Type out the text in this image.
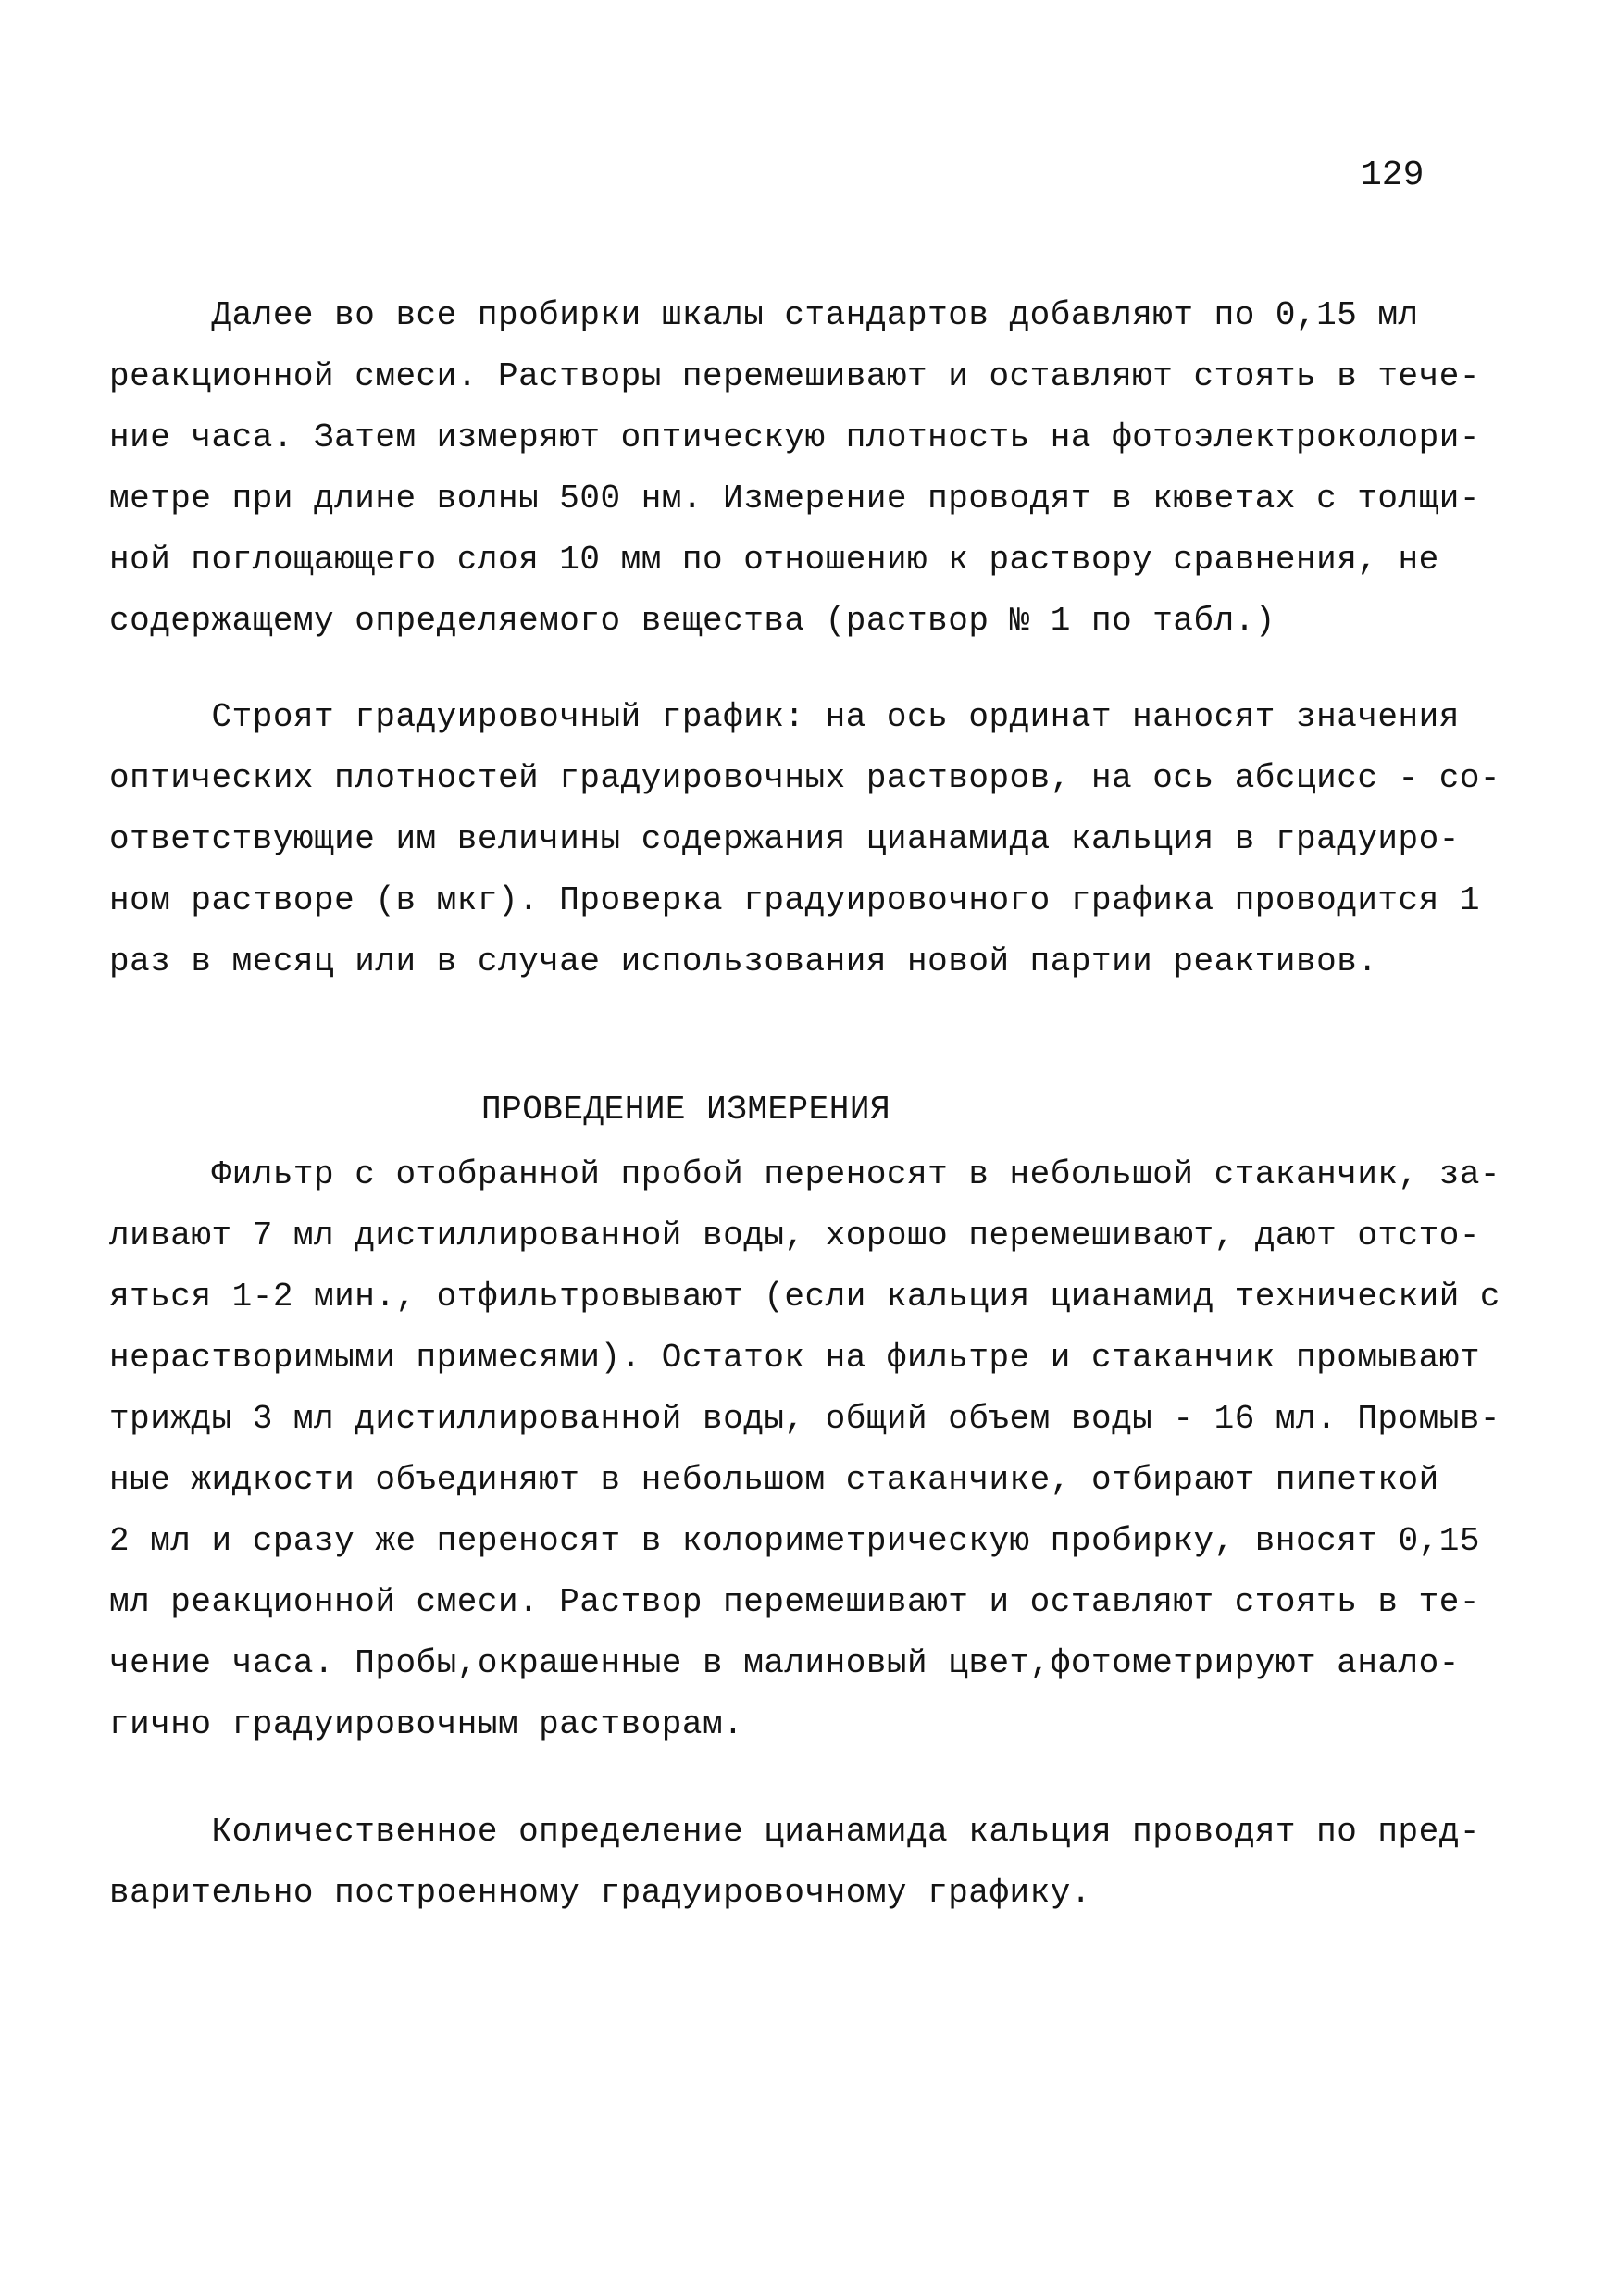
129
Далее во все пробирки шкалы стандартов добавляют по 0,15 мл
реакционной смеси. Растворы перемешивают и оставляют стоять в тече-
ние часа. Затем измеряют оптическую плотность на фотоэлектроколори-
метре при длине волны 500 нм. Измерение проводят в кюветах с толщи-
ной поглощающего слоя 10 мм по отношению к раствору сравнения, не
содержащему определяемого вещества (раствор № 1 по табл.)
Строят градуировочный график: на ось ординат наносят значения
оптических плотностей градуировочных растворов, на ось абсцисс - со-
ответствующие им величины содержания цианамида кальция в градуиро-
ном растворе (в мкг). Проверка градуировочного графика проводится 1
раз в месяц или в случае использования новой партии реактивов.
ПРОВЕДЕНИЕ ИЗМЕРЕНИЯ
Фильтр с отобранной пробой переносят в небольшой стаканчик, за-
ливают 7 мл дистиллированной воды, хорошо перемешивают, дают отсто-
яться 1-2 мин., отфильтровывают (если кальция цианамид технический с
нерастворимыми примесями). Остаток на фильтре и стаканчик промывают
трижды 3 мл дистиллированной воды, общий объем воды - 16 мл. Промыв-
ные жидкости объединяют в небольшом стаканчике, отбирают пипеткой
2 мл и сразу же переносят в колориметрическую пробирку, вносят 0,15
мл реакционной смеси. Раствор перемешивают и оставляют стоять в те-
чение часа. Пробы,окрашенные в малиновый цвет,фотометрируют анало-
гично градуировочным растворам.
Количественное определение цианамида кальция проводят по пред-
варительно построенному градуировочному графику.
